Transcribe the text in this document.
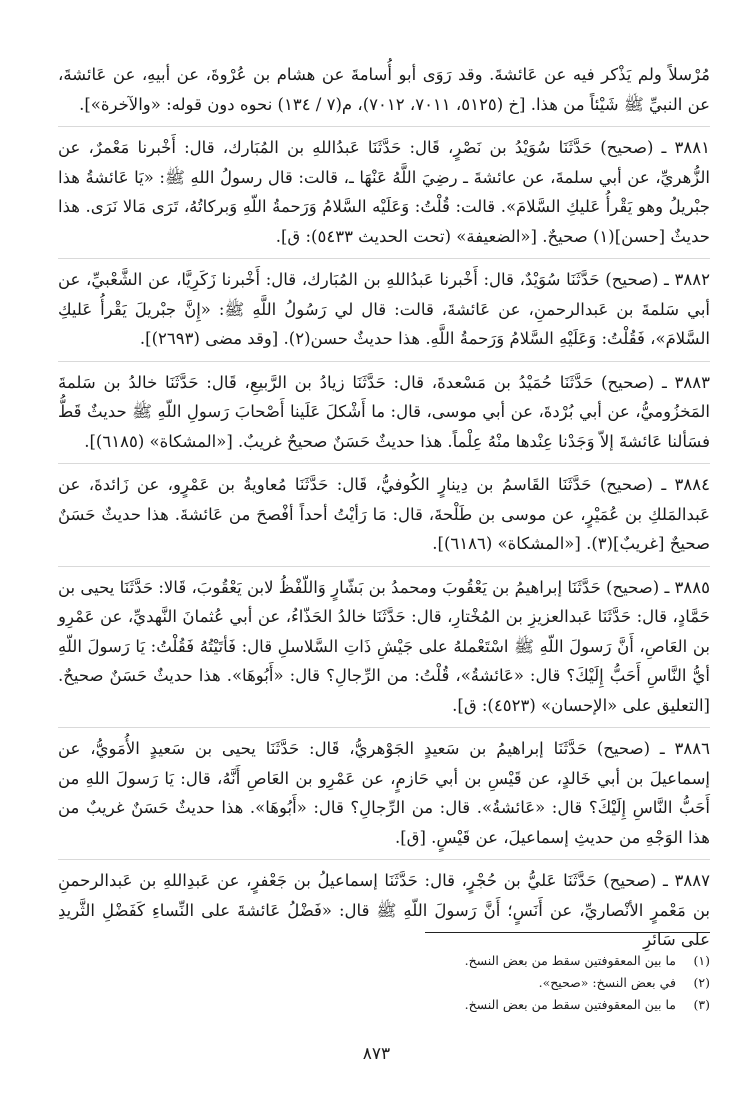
مُرْسلاً ولم يَذْكر فيه عن عَائشةَ. وقد رَوَى أبو أُسامةَ عن هشام بن عُرْوةَ، عن أبيهِ، عن عَائشةَ، عن النبيِّ ﷺ شَيْئاً من هذا. [خ (٥١٢٥، ٧٠١١، ٧٠١٢)، م(٧ / ١٣٤) نحوه دون قوله: «والآخرة»].

٣٨٨١ ـ (صحيح) حَدَّثَنَا سُوَيْدُ بن نَصْرٍ، قَال: حَدَّثَنَا عَبدُاللهِ بن المُبَارك، قال: أَخْبرنا مَعْمرٌ، عن الزُّهريِّ، عن أبي سلمةَ، عن عائشةَ ـ رضِيَ اللَّهُ عَنْهَا ـ، قالت: قال رسولُ اللهِ ﷺ: «يَا عَائشةُ هذا جبْريلُ وهو يَقْرأُ عَليكِ السَّلامَ». قالت: قُلْتُ: وَعَلَيْه السَّلامُ وَرَحمةُ اللّهِ وَبركاتُهُ، تَرَى مَالا نَرَى. هذا حديثٌ [حسن](١) صحيحٌ. [«الضعيفة» (تحت الحديث ٥٤٣٣): ق].

٣٨٨٢ ـ (صحيح) حَدَّثَنَا سُوَيْدٌ، قال: أَخْبرنا عَبدُاللهِ بن المُبَارك، قال: أَخْبرنا زَكَرِيَّا، عن الشَّعْبيِّ، عن أبي سَلمةَ بن عَبدالرحمنِ، عن عَائشةَ، قالت: قال لي رَسُولُ اللَّهِ ﷺ: «إِنَّ جبْريلَ يَقْرأُ عَليكِ السَّلامَ»، فَقُلْتُ: وَعَلَيْهِ السَّلامُ وَرَحمةُ اللَّهِ. هذا حديثٌ حسن(٢). [وقد مضى (٢٦٩٣)].

٣٨٨٣ ـ (صحيح) حَدَّثَنَا حُمَيْدُ بن مَسْعدةَ، قال: حَدَّثَنَا زيادُ بن الرَّبيعِ، قَال: حَدَّثَنَا خالدُ بن سَلمةَ المَخزُوميُّ، عن أبي بُرْدةَ، عن أبي موسى، قال: ما أَشْكلَ عَلَينا أَصْحابَ رَسولِ اللّهِ ﷺ حديثٌ قَطُّ فسَألنا عَائشةَ إلاّ وَجَدْنا عِنْدها منْهُ عِلْماً. هذا حديثٌ حَسَنٌ صحيحٌ غريبٌ. [«المشكاة» (٦١٨٥)].

٣٨٨٤ ـ (صحيح) حَدَّثَنَا القَاسمُ بن دِينارٍ الكُوفيُّ، قَال: حَدَّثَنَا مُعاويةُ بن عَمْرٍو، عن زَائدةَ، عن عَبدالمَلكِ بن عُمَيْرٍ، عن موسى بن طَلْحةَ، قال: مَا رَأيْتُ أحداً أفْصحَ من عَائشةَ. هذا حديثٌ حَسَنٌ صحيحٌ [غريبٌ](٣). [«المشكاة» (٦١٨٦)].

٣٨٨٥ ـ (صحيح) حَدَّثَنَا إبراهيمُ بن يَعْقُوبَ ومحمدُ بن بَشّارٍ وَاللّفْظُ لابن يَعْقُوبَ، قَالا: حَدَّثَنَا يحيى بن حَمَّادٍ، قال: حَدَّثَنَا عَبدالعزيزِ بن المُخْتارِ، قال: حَدَّثَنَا خالدُ الحَذّاءُ، عن أبي عُثمانَ النَّهديِّ، عن عَمْرِو بن العَاصِ، أَنَّ رَسولَ اللّهِ ﷺ اسْتَعْملهُ على جَيْشِ ذَاتِ السَّلاسلِ قال: فَأتَيْتُهُ فَقُلْتُ: يَا رَسولَ اللّهِ أيُّ النَّاسِ أَحَبُّ إِلَيْكَ؟ قال: «عَائشةُ»، قُلْتُ: من الرِّجالِ؟ قال: «أَبُوهَا». هذا حديثٌ حَسَنٌ صحيحٌ. [التعليق على «الإحسان» (٤٥٢٣): ق].

٣٨٨٦ ـ (صحيح) حَدَّثَنَا إبراهيمُ بن سَعيدٍ الجَوْهريُّ، قَال: حَدَّثَنَا يحيى بن سَعيدٍ الأُمَويُّ، عن إسماعيلَ بن أبي خَالدٍ، عن قَيْسِ بن أبي حَازمٍ، عن عَمْرِو بن العَاصِ أَنَّهُ، قال: يَا رَسولَ اللهِ من أَحَبُّ النَّاسِ إِلَيْكَ؟ قال: «عَائشةُ». قال: من الرِّجالِ؟ قال: «أَبُوهَا». هذا حديثٌ حَسَنٌ غريبٌ من هذا الوَجْهِ من حديثِ إسماعيلَ، عن قَيْسٍ. [ق].

٣٨٨٧ ـ (صحيح) حَدَّثَنَا عَليُّ بن حُجْرٍ، قال: حَدَّثَنَا إسماعيلُ بن جَعْفرٍ، عن عَبدِاللهِ بن عَبدالرحمنِ بن مَعْمرٍ الأنْصاريِّ، عن أَنَسٍ؛ أَنَّ رَسولَ اللّهِ ﷺ قال: «فَضْلُ عَائشةَ على النِّساءِ كَفَضْلِ الثَّريدِ على سَائرِ

(١) ما بين المعقوفتين سقط من بعض النسخ.
(٢) في بعض النسخ: «صحيح».
(٣) ما بين المعقوفتين سقط من بعض النسخ.
٨٧٣
